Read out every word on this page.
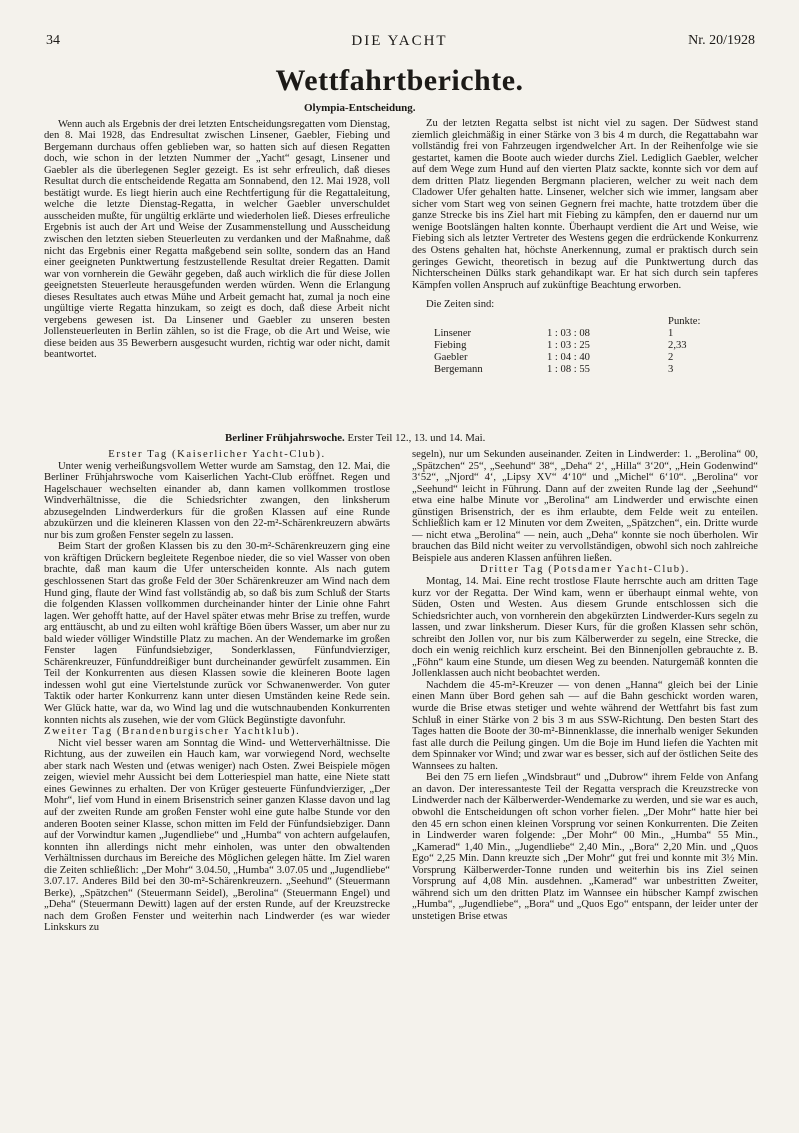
34	DIE YACHT	Nr. 20/1928
Wettfahrtberichte.
Olympia-Entscheidung.

Wenn auch als Ergebnis der drei letzten Entscheidungsregatten vom Dienstag, den 8. Mai 1928, das Endresultat zwischen Linsener, Gaebler, Fiebing und Bergemann durchaus offen geblieben war, so hatten sich auf diesen Regatten doch, wie schon in der letzten Nummer der „Yacht“ gesagt, Linsener und Gaebler als die überlegenen Segler gezeigt. Es ist sehr erfreulich, daß dieses Resultat durch die entscheidende Regatta am Sonnabend, den 12. Mai 1928, voll bestätigt wurde. Es liegt hierin auch eine Rechtfertigung für die Regattaleitung, welche die letzte Dienstag-Regatta, in welcher Gaebler unverschuldet ausscheiden mußte, für ungültig erklärte und wiederholen ließ. Dieses erfreuliche Ergebnis ist auch der Art und Weise der Zusammenstellung und Ausscheidung zwischen den letzten sieben Steuerleuten zu verdanken und der Maßnahme, daß nicht das Ergebnis einer Regatta maßgebend sein sollte, sondern das an Hand einer geeigneten Punktwertung festzustellende Resultat dreier Regatten. Damit war von vornherein die Gewähr gegeben, daß auch wirklich die für diese Jollen geeignetsten Steuerleute herausgefunden werden würden. Wenn die Erlangung dieses Resultates auch etwas Mühe und Arbeit gemacht hat, zumal ja noch eine ungültige vierte Regatta hinzukam, so zeigt es doch, daß diese Arbeit nicht vergebens gewesen ist. Da Linsener und Gaebler zu unseren besten Jollensteuerleuten in Berlin zählen, so ist die Frage, ob die Art und Weise, wie diese beiden aus 35 Bewerbern ausgesucht wurden, richtig war oder nicht, damit beantwortet.

Zu der letzten Regatta selbst ist nicht viel zu sagen. Der Südwest stand ziemlich gleichmäßig in einer Stärke von 3 bis 4 m durch, die Regattabahn war vollständig frei von Fahrzeugen irgendwelcher Art. In der Reihenfolge wie sie gestartet, kamen die Boote auch wieder durchs Ziel. Lediglich Gaebler, welcher auf dem Wege zum Hund auf den vierten Platz sackte, konnte sich vor dem auf dem dritten Platz liegenden Bergmann placieren, welcher zu weit nach dem Cladower Ufer gehalten hatte. Linsener, welcher sich wie immer, langsam aber sicher vom Start weg von seinen Gegnern frei machte, hatte trotzdem über die ganze Strecke bis ins Ziel hart mit Fiebing zu kämpfen, den er dauernd nur um wenige Bootslängen halten konnte. Überhaupt verdient die Art und Weise, wie Fiebing sich als letzter Vertreter des Westens gegen die erdrückende Konkurrenz des Ostens gehalten hat, höchste Anerkennung, zumal er praktisch durch sein geringes Gewicht, theoretisch in bezug auf die Punktwertung durch das Nichterscheinen Dülks stark gehandikapt war. Er hat sich durch sein tapferes Kämpfen vollen Anspruch auf zukünftige Beachtung erworben.

Die Zeiten sind:

		Punkte:
Linsener	1 : 03 : 08	1
Fiebing	1 : 03 : 25	2,33
Gaebler	1 : 04 : 40	2
Bergemann	1 : 08 : 55	3
Berliner Frühjahrswoche. Erster Teil 12., 13. und 14. Mai.

Erster Tag (Kaiserlicher Yacht-Club).

Unter wenig verheißungsvollem Wetter wurde am Samstag, den 12. Mai, die Berliner Frühjahrswoche vom Kaiserlichen Yacht-Club eröffnet. Regen und Hagelschauer wechselten einander ab, dann kamen vollkommen trostlose Windverhältnisse, die die Schiedsrichter zwangen, den linksherum abzusegelnden Lindwerderkurs für die großen Klassen auf eine Runde abzukürzen und die kleineren Klassen von den 22-m²-Schärenkreuzern abwärts nur bis zum großen Fenster segeln zu lassen.

Beim Start der großen Klassen bis zu den 30-m²-Schärenkreuzern ging eine von kräftigen Drückern begleitete Regenboe nieder, die so viel Wasser von oben brachte, daß man kaum die Ufer unterscheiden konnte. Als nach gutem geschlossenen Start das große Feld der 30er Schärenkreuzer am Wind nach dem Hund ging, flaute der Wind fast vollständig ab, so daß bis zum Schluß der Starts die folgenden Klassen vollkommen durcheinander hinter der Linie ohne Fahrt lagen. Wer gehofft hatte, auf der Havel später etwas mehr Brise zu treffen, wurde arg enttäuscht, ab und zu eilten wohl kräftige Böen übers Wasser, um aber nur zu bald wieder völliger Windstille Platz zu machen. An der Wendemarke im großen Fenster lagen Fünfundsiebziger, Sonderklassen, Fünfundvierziger, Schärenkreuzer, Fünfunddreißiger bunt durcheinander gewürfelt zusammen. Ein Teil der Konkurrenten aus diesen Klassen sowie die kleineren Boote lagen indessen wohl gut eine Viertelstunde zurück vor Schwanenwerder. Von guter Taktik oder harter Konkurrenz kann unter diesen Umständen keine Rede sein. Wer Glück hatte, war da, wo Wind lag und die wutschnaubenden Konkurrenten konnten nichts als zusehen, wie der vom Glück Begünstigte davonfuhr.

Zweiter Tag (Brandenburgischer Yachtklub).

Nicht viel besser waren am Sonntag die Wind- und Wetterverhältnisse. Die Richtung, aus der zuweilen ein Hauch kam, war vorwiegend Nord, wechselte aber stark nach Westen und (etwas weniger) nach Osten. Zwei Beispiele mögen zeigen, wieviel mehr Aussicht bei dem Lotteriespiel man hatte, eine Niete statt eines Gewinnes zu erhalten. Der von Krüger gesteuerte Fünfundvierziger, „Der Mohr“, lief vom Hund in einem Brisenstrich seiner ganzen Klasse davon und lag auf der zweiten Runde am großen Fenster wohl eine gute halbe Stunde vor den anderen Booten seiner Klasse, schon mitten im Feld der Fünfundsiebziger. Dann auf der Vorwindtur kamen „Jugendliebe“ und „Humba“ von achtern aufgelaufen, konnten ihn allerdings nicht mehr einholen, was unter den obwaltenden Verhältnissen durchaus im Bereiche des Möglichen gelegen hätte. Im Ziel waren die Zeiten schließlich: „Der Mohr“ 3.04.50, „Humba“ 3.07.05 und „Jugendliebe“ 3.07.17. Anderes Bild bei den 30-m²-Schärenkreuzern. „Seehund“ (Steuermann Berke), „Spätzchen“ (Steuermann Seidel), „Berolina“ (Steuermann Engel) und „Deha“ (Steuermann Dewitt) lagen auf der ersten Runde, auf der Kreuzstrecke nach dem Großen Fenster und weiterhin nach Lindwerder (es war wieder Linkskurs zu

segeln), nur um Sekunden auseinander. Zeiten in Lindwerder: 1. „Berolina“ 00, „Spätzchen“ 25“, „Seehund“ 38“, „Deha“ 2‘, „Hilla“ 3‘20“, „Hein Godenwind“ 3‘52“, „Njord“ 4‘, „Lipsy XV“ 4‘10“ und „Michel“ 6‘10“. „Berolina“ vor „Seehund“ leicht in Führung. Dann auf der zweiten Runde lag der „Seehund“ etwa eine halbe Minute vor „Berolina“ am Lindwerder und erwischte einen günstigen Brisenstrich, der es ihm erlaubte, dem Felde weit zu enteilen. Schließlich kam er 12 Minuten vor dem Zweiten, „Spätzchen“, ein. Dritte wurde — nicht etwa „Berolina“ — nein, auch „Deha“ konnte sie noch überholen. Wir brauchen das Bild nicht weiter zu vervollständigen, obwohl sich noch zahlreiche Beispiele aus anderen Klassen anführen ließen.

Dritter Tag (Potsdamer Yacht-Club).

Montag, 14. Mai. Eine recht trostlose Flaute herrschte auch am dritten Tage kurz vor der Regatta. Der Wind kam, wenn er überhaupt einmal wehte, von Süden, Osten und Westen. Aus diesem Grunde entschlossen sich die Schiedsrichter auch, von vornherein den abgekürzten Lindwerder-Kurs segeln zu lassen, und zwar linksherum. Dieser Kurs, für die großen Klassen sehr schön, schreibt den Jollen vor, nur bis zum Kälberwerder zu segeln, eine Strecke, die doch ein wenig reichlich kurz erscheint. Bei den Binnenjollen gebrauchte z. B. „Föhn“ kaum eine Stunde, um diesen Weg zu beenden. Naturgemäß konnten die Jollenklassen auch nicht beobachtet werden.

Nachdem die 45-m²-Kreuzer — von denen „Hanna“ gleich bei der Linie einen Mann über Bord gehen sah — auf die Bahn geschickt worden waren, wurde die Brise etwas stetiger und wehte während der Wettfahrt bis fast zum Schluß in einer Stärke von 2 bis 3 m aus SSW-Richtung. Den besten Start des Tages hatten die Boote der 30-m²-Binnenklasse, die innerhalb weniger Sekunden fast alle durch die Peilung gingen. Um die Boje im Hund liefen die Yachten mit dem Spinnaker vor Wind; und zwar war es besser, sich auf der östlichen Seite des Wannsees zu halten.

Bei den 75 ern liefen „Windsbraut“ und „Dubrow“ ihrem Felde von Anfang an davon. Der interessanteste Teil der Regatta versprach die Kreuzstrecke von Lindwerder nach der Kälberwerder-Wendemarke zu werden, und sie war es auch, obwohl die Entscheidungen oft schon vorher fielen. „Der Mohr“ hatte hier bei den 45 ern schon einen kleinen Vorsprung vor seinen Konkurrenten. Die Zeiten in Lindwerder waren folgende: „Der Mohr“ 00 Min., „Humba“ 55 Min., „Kamerad“ 1,40 Min., „Jugendliebe“ 2,40 Min., „Bora“ 2,20 Min. und „Quos Ego“ 2,25 Min. Dann kreuzte sich „Der Mohr“ gut frei und konnte mit 3½ Min. Vorsprung Kälberwerder-Tonne runden und weiterhin bis ins Ziel seinen Vorsprung auf 4,08 Min. ausdehnen. „Kamerad“ war unbestritten Zweiter, während sich um den dritten Platz im Wannsee ein hübscher Kampf zwischen „Humba“, „Jugendliebe“, „Bora“ und „Quos Ego“ entspann, der leider unter der unstetigen Brise etwas
